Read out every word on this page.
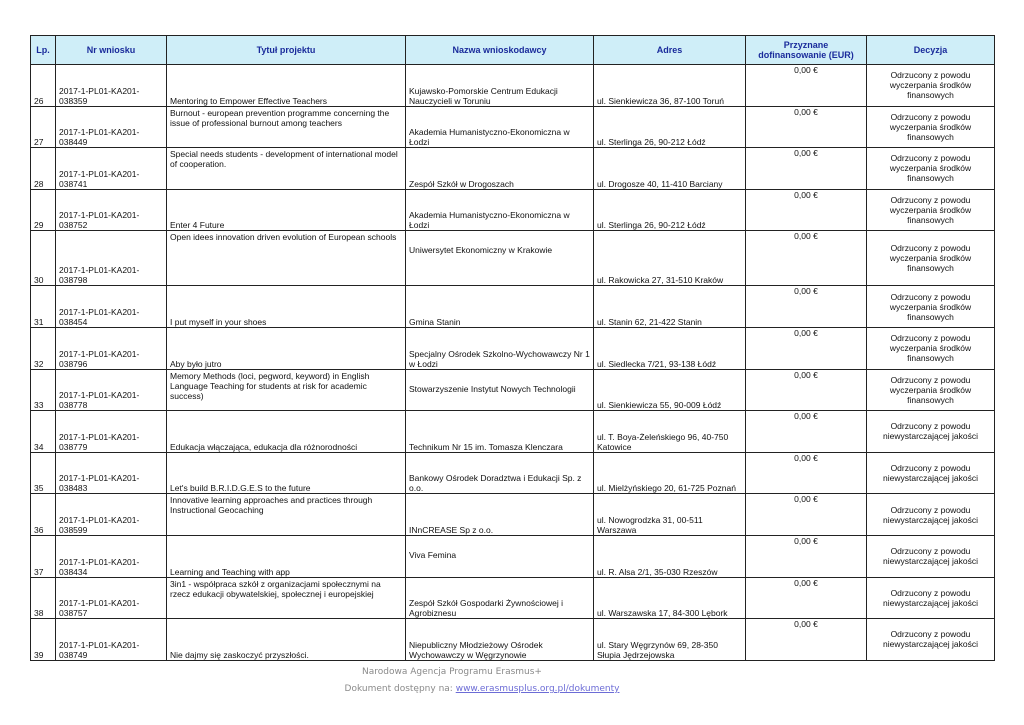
Lp.	Nr wniosku	Tytuł projektu	Nazwa wnioskodawcy	Adres	Przyznane dofinansowanie (EUR)	Decyzja
26	2017-1-PL01-KA201-038359	Mentoring to Empower Effective Teachers	Kujawsko-Pomorskie Centrum Edukacji Nauczycieli w Toruniu	ul. Sienkiewicza 36, 87-100 Toruń	0,00 €	Odrzucony z powodu wyczerpania środków finansowych
27	2017-1-PL01-KA201-038449	Burnout - european prevention programme concerning the issue of professional burnout among teachers	Akademia Humanistyczno-Ekonomiczna w Łodzi	ul. Sterlinga 26, 90-212 Łódź	0,00 €	Odrzucony z powodu wyczerpania środków finansowych
28	2017-1-PL01-KA201-038741	Special needs students - development of international model of cooperation.	Zespół Szkół w Drogoszach	ul. Drogosze 40, 11-410 Barciany	0,00 €	Odrzucony z powodu wyczerpania środków finansowych
29	2017-1-PL01-KA201-038752	Enter 4 Future	Akademia Humanistyczno-Ekonomiczna w Łodzi	ul. Sterlinga 26, 90-212 Łódź	0,00 €	Odrzucony z powodu wyczerpania środków finansowych
30	2017-1-PL01-KA201-038798	Open idees innovation driven evolution of European schools	Uniwersytet Ekonomiczny w Krakowie	ul. Rakowicka 27, 31-510 Kraków	0,00 €	Odrzucony z powodu wyczerpania środków finansowych
31	2017-1-PL01-KA201-038454	I put myself in your shoes	Gmina Stanin	ul. Stanin 62, 21-422 Stanin	0,00 €	Odrzucony z powodu wyczerpania środków finansowych
32	2017-1-PL01-KA201-038796	Aby było jutro	Specjalny Ośrodek Szkolno-Wychowawczy Nr 1 w Łodzi	ul. Siedlecka 7/21, 93-138 Łódź	0,00 €	Odrzucony z powodu wyczerpania środków finansowych
33	2017-1-PL01-KA201-038778	Memory Methods (loci, pegword, keyword) in English Language Teaching for students at risk for academic success)	Stowarzyszenie Instytut Nowych Technologii	ul. Sienkiewicza 55, 90-009 Łódź	0,00 €	Odrzucony z powodu wyczerpania środków finansowych
34	2017-1-PL01-KA201-038779	Edukacja włączająca, edukacja dla różnorodności	Technikum Nr 15 im. Tomasza Klenczara	ul. T. Boya-Żeleńskiego 96, 40-750 Katowice	0,00 €	Odrzucony z powodu niewystarczającej jakości
35	2017-1-PL01-KA201-038483	Let's build B.R.I.D.G.E.S to the future	Bankowy Ośrodek Doradztwa i Edukacji Sp. z o.o.	ul. Mielżyńskiego 20, 61-725 Poznań	0,00 €	Odrzucony z powodu niewystarczającej jakości
36	2017-1-PL01-KA201-038599	Innovative learning approaches and practices through Instructional Geocaching	INnCREASE Sp z o.o.	ul. Nowogrodzka 31, 00-511 Warszawa	0,00 €	Odrzucony z powodu niewystarczającej jakości
37	2017-1-PL01-KA201-038434	Learning and Teaching with app	Viva Femina	ul. R. Alsa 2/1, 35-030 Rzeszów	0,00 €	Odrzucony z powodu niewystarczającej jakości
38	2017-1-PL01-KA201-038757	3in1 - współpraca szkół z organizacjami społecznymi na rzecz edukacji obywatelskiej, społecznej i europejskiej	Zespół Szkół Gospodarki Żywnościowej i Agrobiznesu	ul. Warszawska 17, 84-300 Lębork	0,00 €	Odrzucony z powodu niewystarczającej jakości
39	2017-1-PL01-KA201-038749	Nie dajmy się zaskoczyć przyszłości.	Niepubliczny Młodzieżowy Ośrodek Wychowawczy w Węgrzynowie	ul. Stary Węgrzynów 69, 28-350 Słupia Jędrzejowska	0,00 €	Odrzucony z powodu niewystarczającej jakości
Narodowa Agencja Programu Erasmus+
Dokument dostępny na: www.erasmusplus.org.pl/dokumenty
